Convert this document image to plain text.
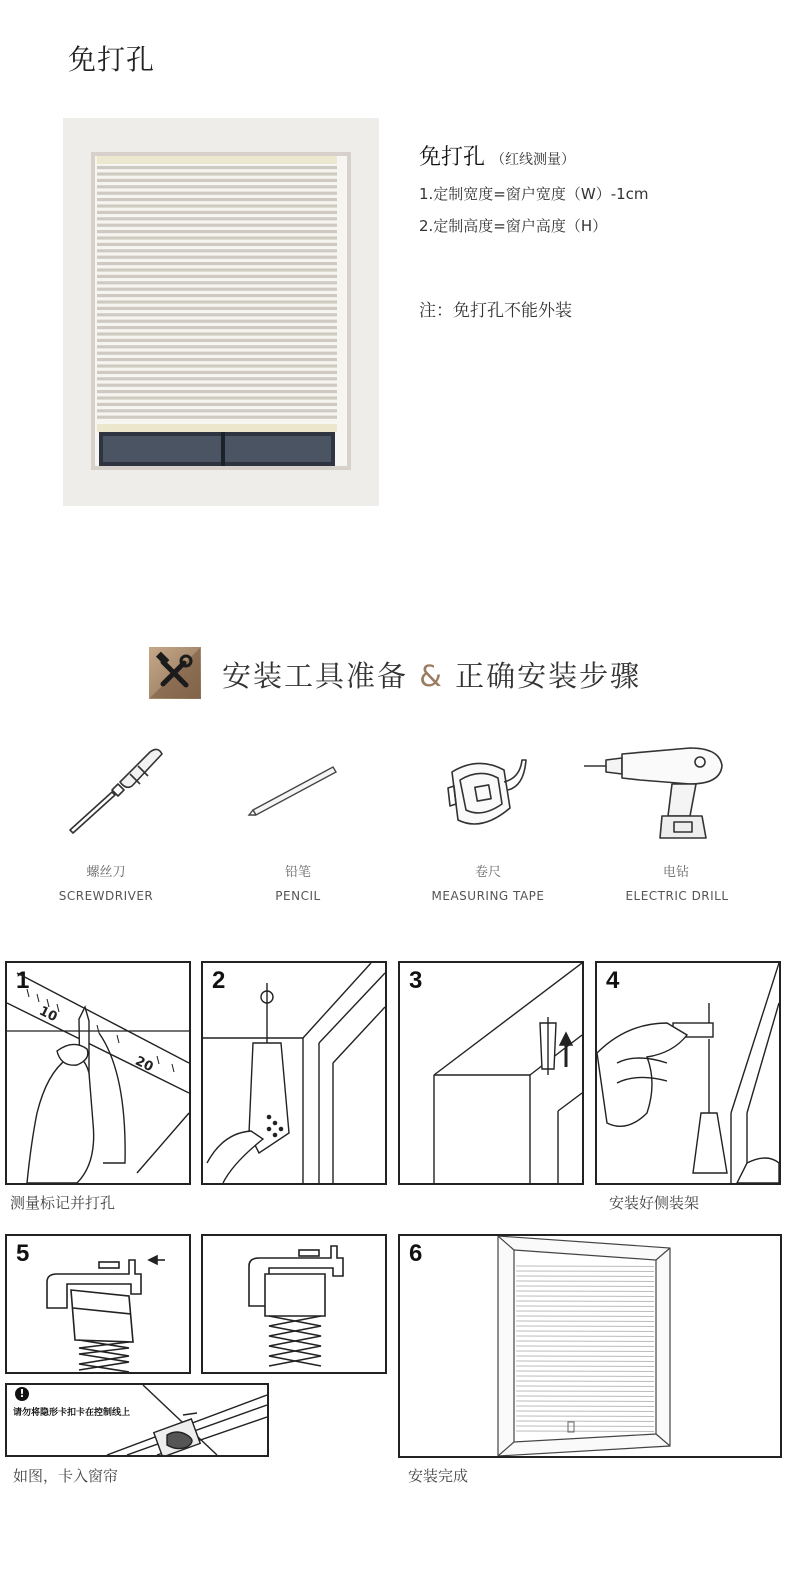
免打孔
免打孔 （红线测量）
1.定制宽度=窗户宽度（W）-1cm
2.定制高度=窗户高度（H）
注：免打孔不能外装
安装工具准备 & 正确安装步骤
螺丝刀
SCREWDRIVER
铅笔
PENCIL
卷尺
MEASURING TAPE
电钻
ELECTRIC DRILL
1
10
20
2	3	4
测量标记并打孔	安装好侧装架
5
!
请勿将隐形卡扣卡在控制线上
6
如图，卡入窗帘	安装完成
